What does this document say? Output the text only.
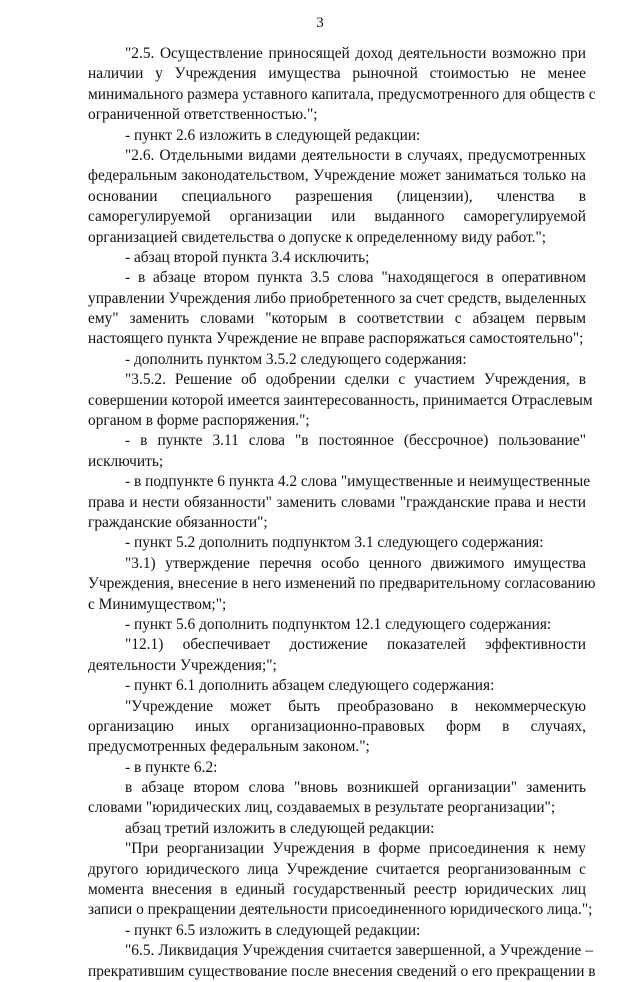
3
"2.5. Осуществление приносящей доход деятельности возможно при
наличии у Учреждения имущества рыночной стоимостью не менее
минимального размера уставного капитала, предусмотренного для обществ с
ограниченной ответственностью.";
- пункт 2.6 изложить в следующей редакции:
"2.6. Отдельными видами деятельности в случаях, предусмотренных
федеральным законодательством, Учреждение может заниматься только на
основании специального разрешения (лицензии), членства в
саморегулируемой организации или выданного саморегулируемой
организацией свидетельства о допуске к определенному виду работ.";
- абзац второй пункта 3.4 исключить;
- в абзаце втором пункта 3.5 слова "находящегося в оперативном
управлении Учреждения либо приобретенного за счет средств, выделенных
ему" заменить словами "которым в соответствии с абзацем первым
настоящего пункта Учреждение не вправе распоряжаться самостоятельно";
- дополнить пунктом 3.5.2 следующего содержания:
"3.5.2. Решение об одобрении сделки с участием Учреждения, в
совершении которой имеется заинтересованность, принимается Отраслевым
органом в форме распоряжения.";
- в пункте 3.11 слова "в постоянное (бессрочное) пользование"
исключить;
- в подпункте 6 пункта 4.2 слова "имущественные и неимущественные
права и нести обязанности" заменить словами "гражданские права и нести
гражданские обязанности";
- пункт 5.2 дополнить подпунктом 3.1 следующего содержания:
"3.1) утверждение перечня особо ценного движимого имущества
Учреждения, внесение в него изменений по предварительному согласованию
с Минимуществом;";
- пункт 5.6 дополнить подпунктом 12.1 следующего содержания:
"12.1) обеспечивает достижение показателей эффективности
деятельности Учреждения;";
- пункт 6.1 дополнить абзацем следующего содержания:
"Учреждение может быть преобразовано в некоммерческую
организацию иных организационно-правовых форм в случаях,
предусмотренных федеральным законом.";
- в пункте 6.2:
в абзаце втором слова "вновь возникшей организации" заменить
словами "юридических лиц, создаваемых в результате реорганизации";
абзац третий изложить в следующей редакции:
"При реорганизации Учреждения в форме присоединения к нему
другого юридического лица Учреждение считается реорганизованным с
момента внесения в единый государственный реестр юридических лиц
записи о прекращении деятельности присоединенного юридического лица.";
- пункт 6.5 изложить в следующей редакции:
"6.5. Ликвидация Учреждения считается завершенной, а Учреждение –
прекратившим существование после внесения сведений о его прекращении в
